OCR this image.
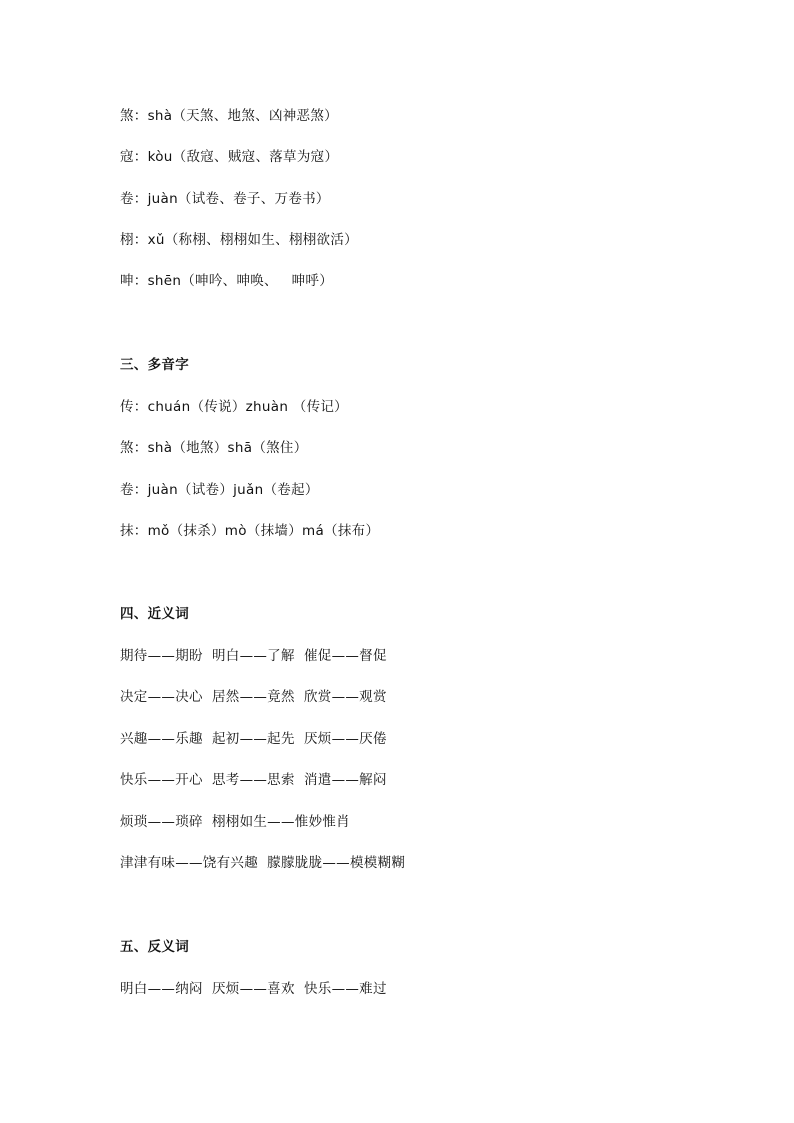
煞：shà（天煞、地煞、凶神恶煞）
寇：kòu（敌寇、贼寇、落草为寇）
卷：juàn（试卷、卷子、万卷书）
栩：xǔ（称栩、栩栩如生、栩栩欲活）
呻：shēn（呻吟、呻唤、   呻呼）
三、多音字
传：chuán（传说）zhuàn （传记）
煞：shà（地煞）shā（煞住）
卷：juàn（试卷）juǎn（卷起）
抹：mǒ（抹杀）mò（抹墙）má（抹布）
四、近义词
期待——期盼  明白——了解  催促——督促
决定——决心  居然——竟然  欣赏——观赏
兴趣——乐趣  起初——起先  厌烦——厌倦
快乐——开心  思考——思索  消遣——解闷
烦琐——琐碎  栩栩如生——惟妙惟肖
津津有味——饶有兴趣  朦朦胧胧——模模糊糊
五、反义词
明白——纳闷  厌烦——喜欢  快乐——难过
